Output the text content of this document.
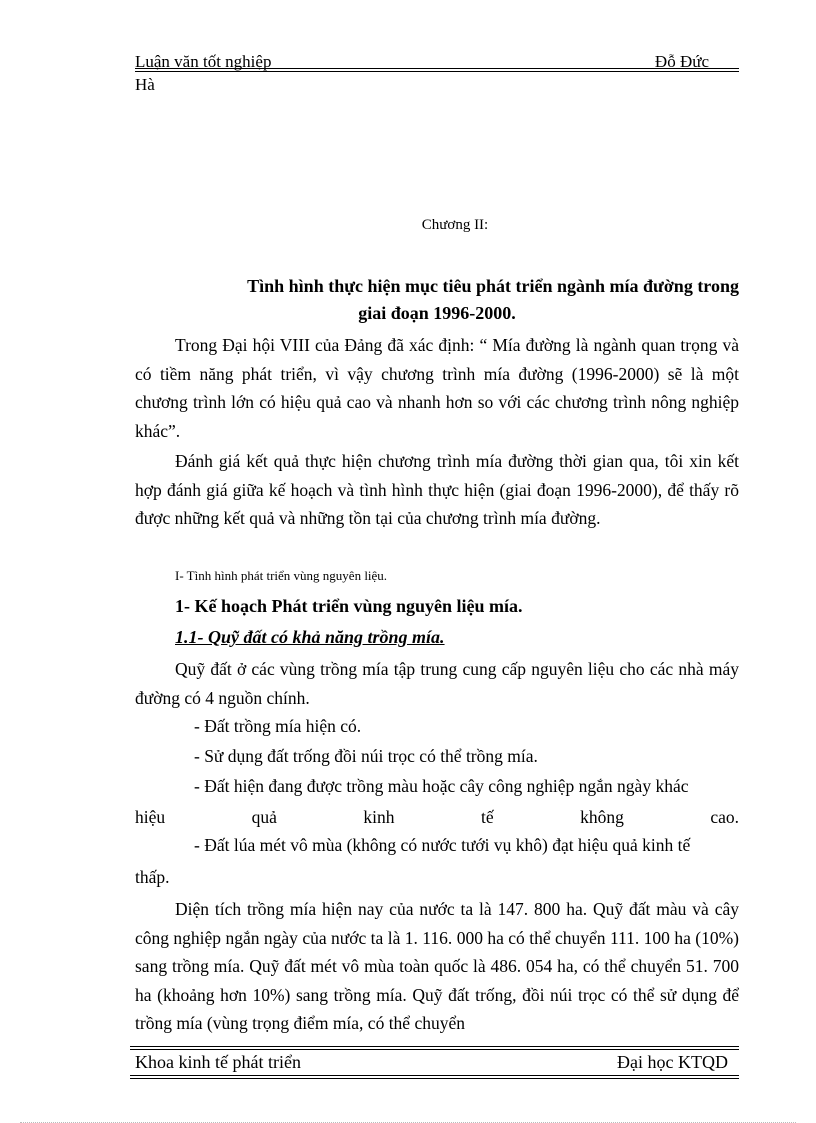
Luận văn tốt nghiệp	Đỗ Đức
Hà
Chương II:
Tình hình thực hiện mục tiêu phát triển ngành mía đường trong
giai đoạn 1996-2000.
Trong Đại hội VIII của Đảng đã xác định: “ Mía đường là ngành quan trọng và có tiềm năng phát triển, vì vậy chương trình mía đường (1996-2000) sẽ là một chương trình lớn có hiệu quả cao và nhanh hơn so với các chương trình nông nghiệp khác”.
Đánh giá kết quả thực hiện chương trình mía đường thời gian qua, tôi xin kết hợp đánh giá giữa kế hoạch và tình hình thực hiện (giai đoạn 1996-2000), để thấy rõ được những kết quả và những tồn tại của chương trình mía đường.
I- Tình hình phát triển vùng nguyên liệu.
1- Kế hoạch Phát triển vùng nguyên liệu mía.
1.1- Quỹ đất có khả năng trồng mía.
Quỹ đất ở các vùng trồng mía tập trung cung cấp nguyên liệu cho các nhà máy đường có 4 nguồn chính.
- Đất trồng mía hiện có.
- Sử dụng đất trống đồi núi trọc có thể trồng mía.
- Đất hiện đang được trồng màu hoặc cây công nghiệp ngắn ngày khác
hiệu quả kinh tế không cao.
- Đất lúa mét vô mùa (không có nước tưới vụ khô) đạt hiệu quả kinh tế
thấp.
Diện tích trồng mía hiện nay của nước ta là 147. 800 ha. Quỹ đất màu và cây công nghiệp ngắn ngày của nước ta là 1. 116. 000 ha có thể chuyển 111. 100 ha (10%) sang trồng mía. Quỹ đất mét vô mùa toàn quốc là 486. 054 ha, có thể chuyển 51. 700 ha (khoảng hơn 10%) sang trồng mía. Quỹ đất trống, đồi núi trọc có thể sử dụng để trồng mía (vùng trọng điểm mía, có thể chuyển
Khoa kinh tế phát triển	Đại học KTQD
